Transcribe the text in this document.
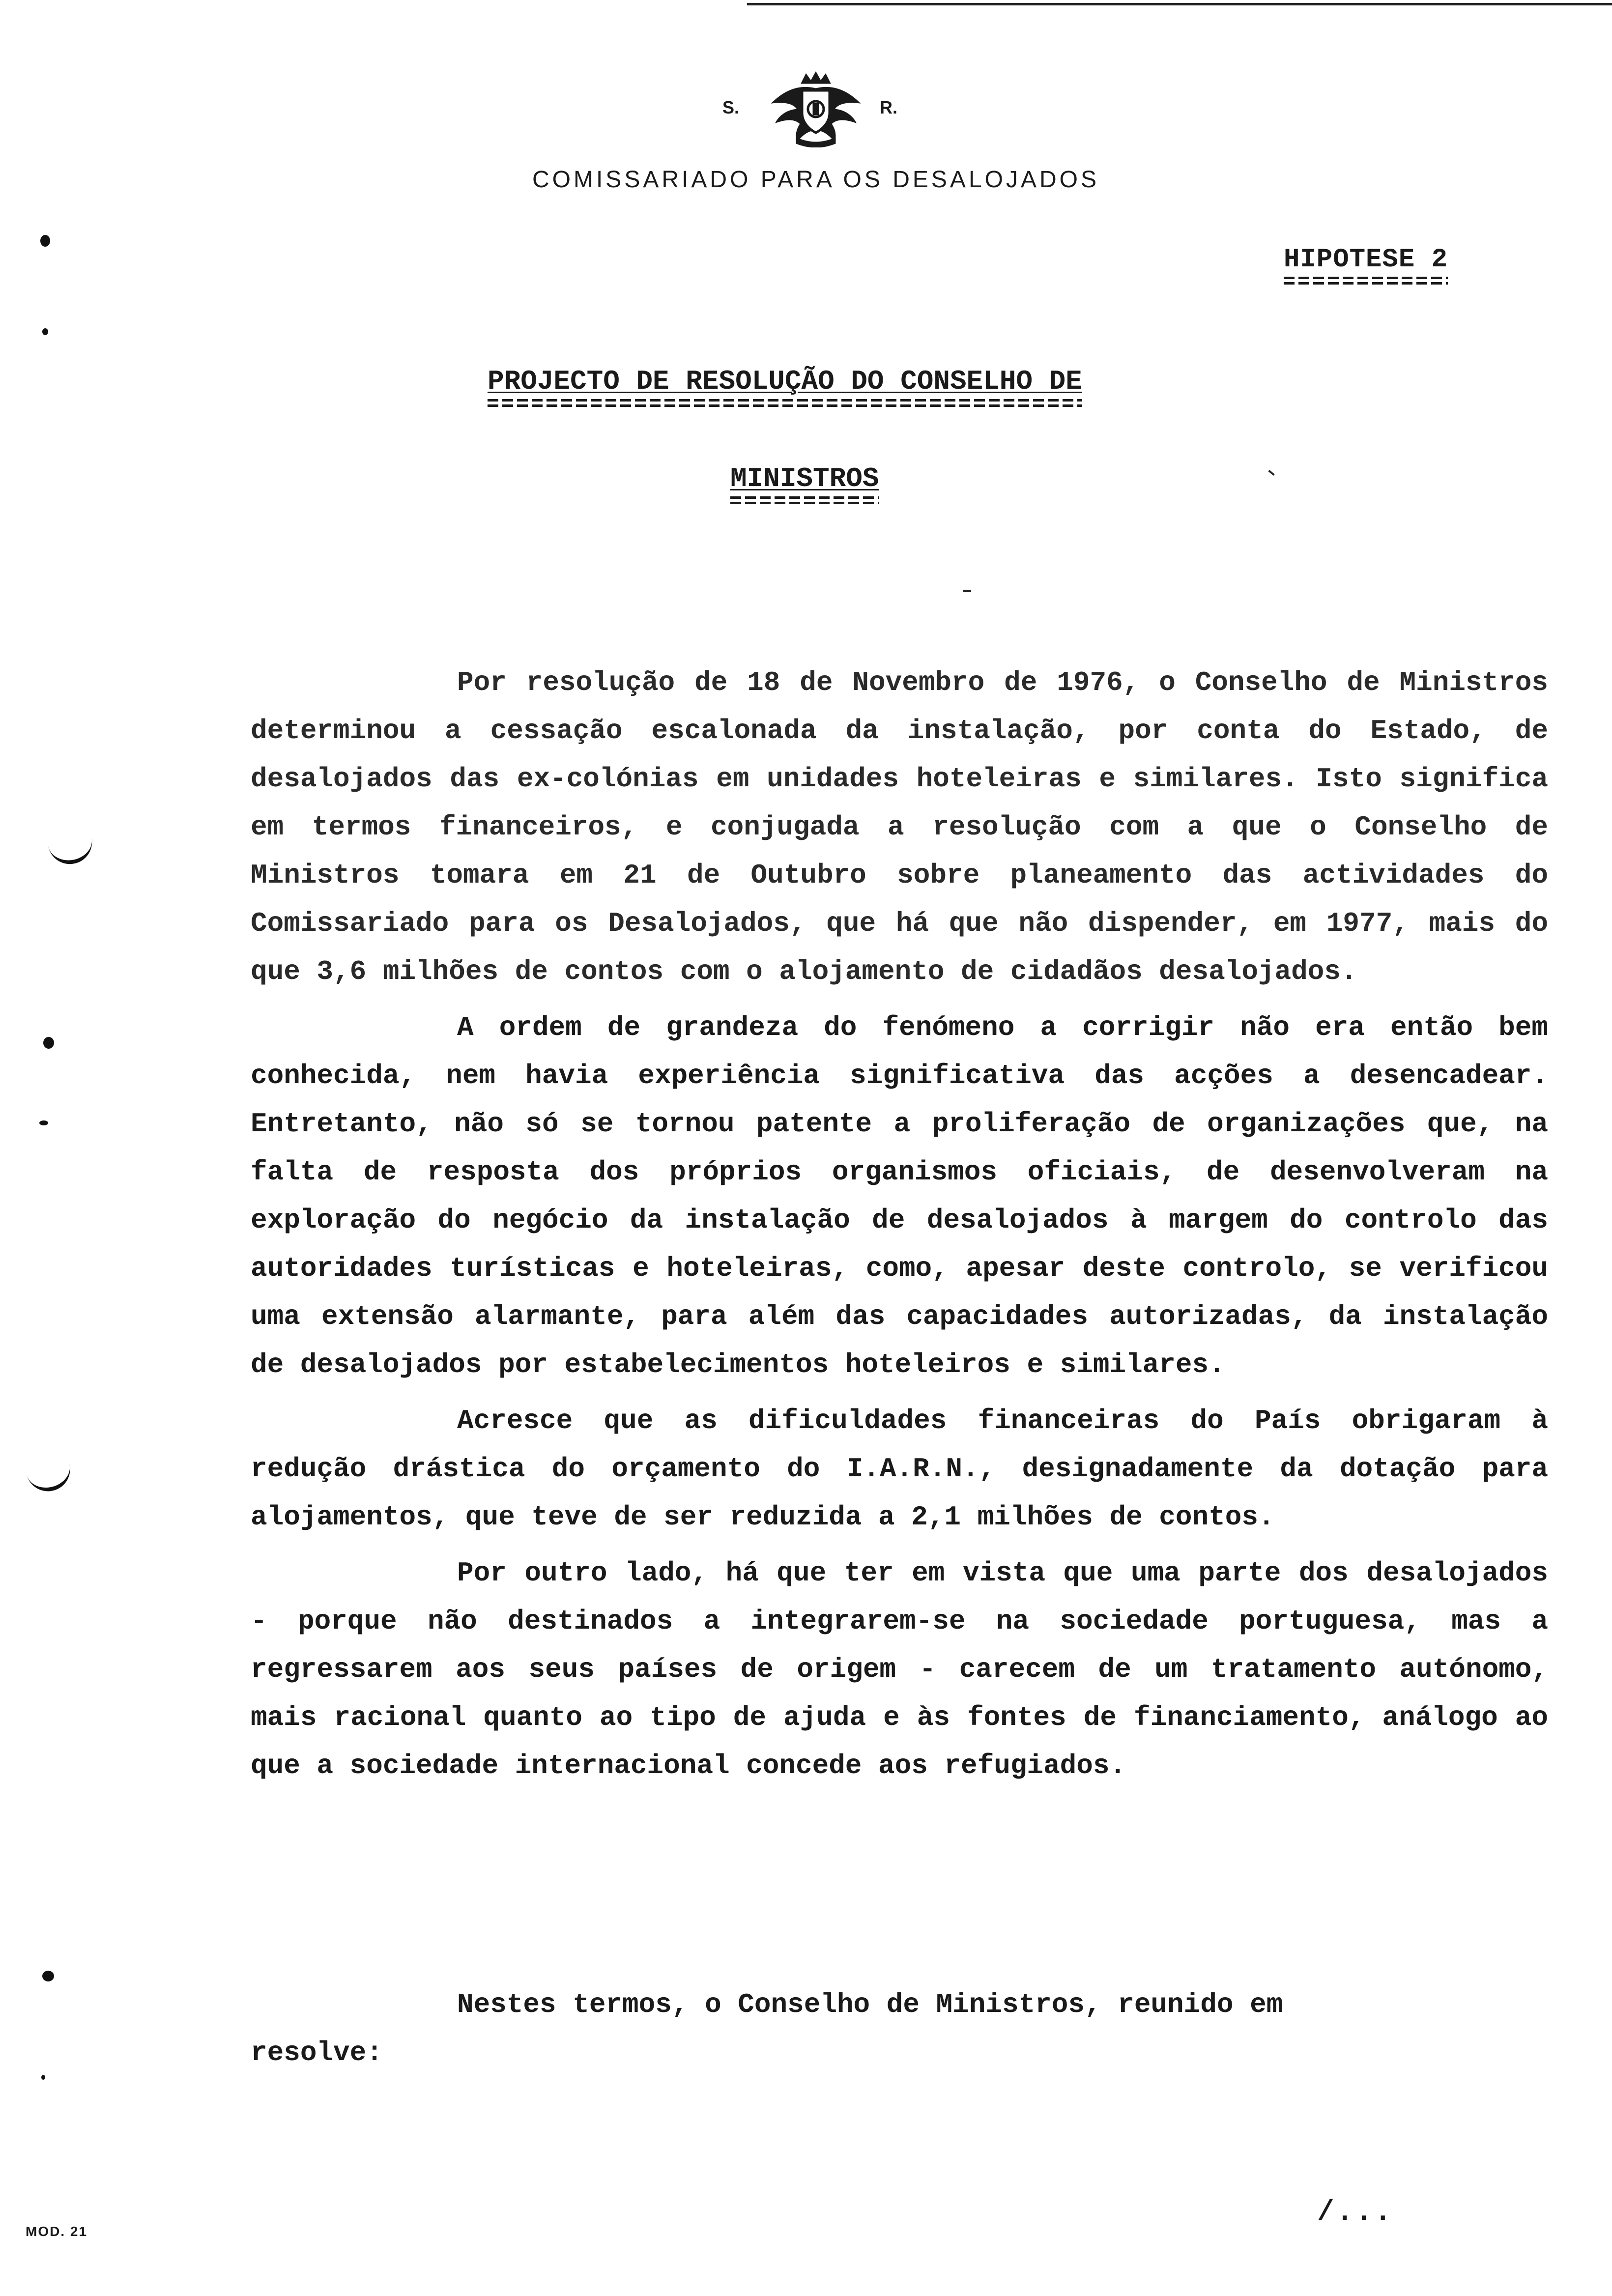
S.	R.
COMISSARIADO PARA OS DESALOJADOS
HIPOTESE 2
PROJECTO DE RESOLUÇÃO DO CONSELHO DE
MINISTROS

Por resolução de 18 de Novembro de 1976, o Conselho de Ministros determinou a cessação escalonada da instalação, por conta do Estado, de desalojados das ex-colónias em unidades hoteleiras e similares. Isto significa em termos financeiros, e conjugada a resolução com a que o Conselho de Ministros tomara em 21 de Outubro sobre planeamento das actividades do Comissariado para os Desalojados, que há que não dispender, em 1977, mais do que 3,6 milhões de contos com o alojamento de cidadãos desalojados.

A ordem de grandeza do fenómeno a corrigir não era então bem conhecida, nem havia experiência significativa das acções a desencadear. Entretanto, não só se tornou patente a proliferação de organizações que, na falta de resposta dos próprios organismos oficiais, de desenvolveram na exploração do negócio da instalação de desalojados à margem do controlo das autoridades turísticas e hoteleiras, como, apesar deste controlo, se verificou uma extensão alarmante, para além das capacidades autorizadas, da instalação de desalojados por estabelecimentos hoteleiros e similares.

Acresce que as dificuldades financeiras do País obrigaram à redução drástica do orçamento do I.A.R.N., designadamente da dotação para alojamentos, que teve de ser reduzida a 2,1 milhões de contos.

Por outro lado, há que ter em vista que uma parte dos desalojados - porque não destinados a integrarem-se na sociedade portuguesa, mas a regressarem aos seus países de origem - carecem de um tratamento autónomo, mais racional quanto ao tipo de ajuda e às fontes de financiamento, análogo ao que a sociedade internacional concede aos refugiados.

Nestes termos, o Conselho de Ministros, reunido em
resolve:
/...
MOD. 21
